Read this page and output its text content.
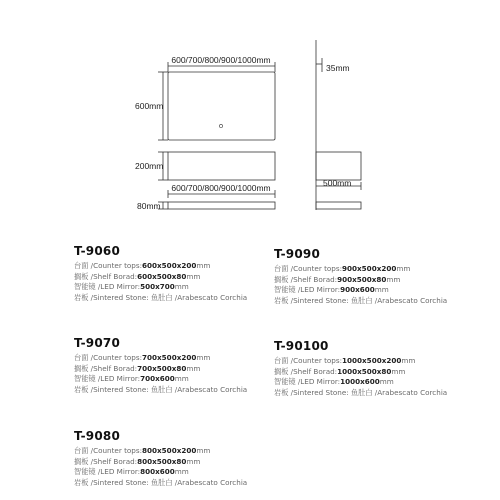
600/700/800/900/1000mm
600mm
200mm
600/700/800/900/1000mm
80mm
35mm
500mm
T-9060
台面 /Counter tops:600x500x200mm
搁板 /Shelf Borad:600x500x80mm
智能镜 /LED Mirror:500x700mm
岩板 /Sintered Stone: 鱼肚白 /Arabescato Corchia
T-9090
台面 /Counter tops:900x500x200mm
搁板 /Shelf Borad:900x500x80mm
智能镜 /LED Mirror:900x600mm
岩板 /Sintered Stone: 鱼肚白 /Arabescato Corchia
T-9070
台面 /Counter tops:700x500x200mm
搁板 /Shelf Borad:700x500x80mm
智能镜 /LED Mirror:700x600mm
岩板 /Sintered Stone: 鱼肚白 /Arabescato Corchia
T-90100
台面 /Counter tops:1000x500x200mm
搁板 /Shelf Borad:1000x500x80mm
智能镜 /LED Mirror:1000x600mm
岩板 /Sintered Stone: 鱼肚白 /Arabescato Corchia
T-9080
台面 /Counter tops:800x500x200mm
搁板 /Shelf Borad:800x500x80mm
智能镜 /LED Mirror:800x600mm
岩板 /Sintered Stone: 鱼肚白 /Arabescato Corchia
